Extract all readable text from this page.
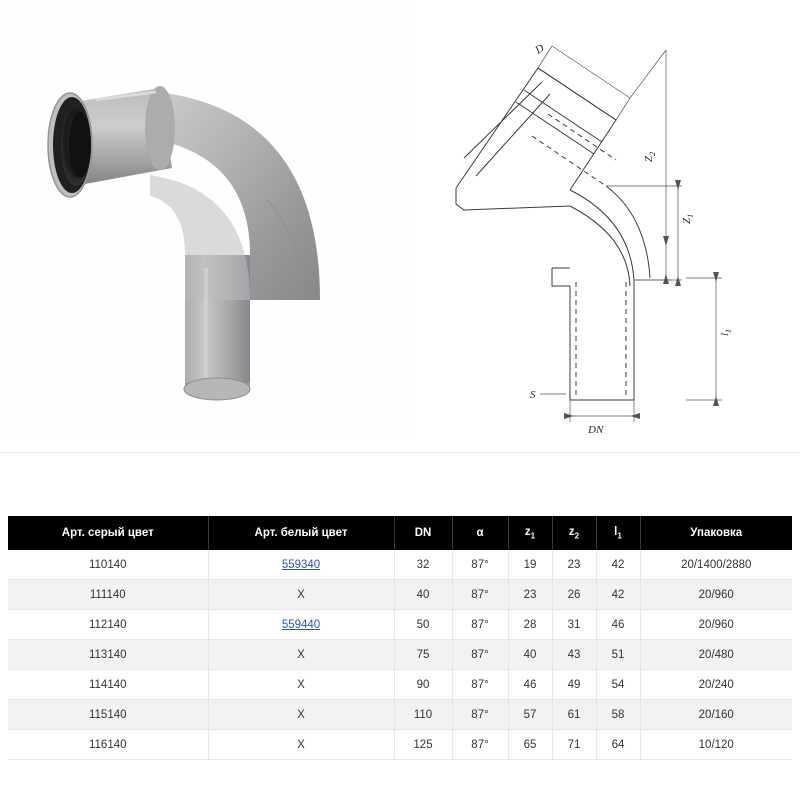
D
$Z_2$
$Z_1$
$l_1$
S
DN
Арт. серый цвет	Арт. белый цвет	DN	α	$z_1$	$z_2$	$l_1$	Упаковка
110140	559340	32	87°	19	23	42	20/1400/2880
111140	X	40	87°	23	26	42	20/960
112140	559440	50	87°	28	31	46	20/960
113140	X	75	87°	40	43	51	20/480
114140	X	90	87°	46	49	54	20/240
115140	X	110	87°	57	61	58	20/160
116140	X	125	87°	65	71	64	10/120
